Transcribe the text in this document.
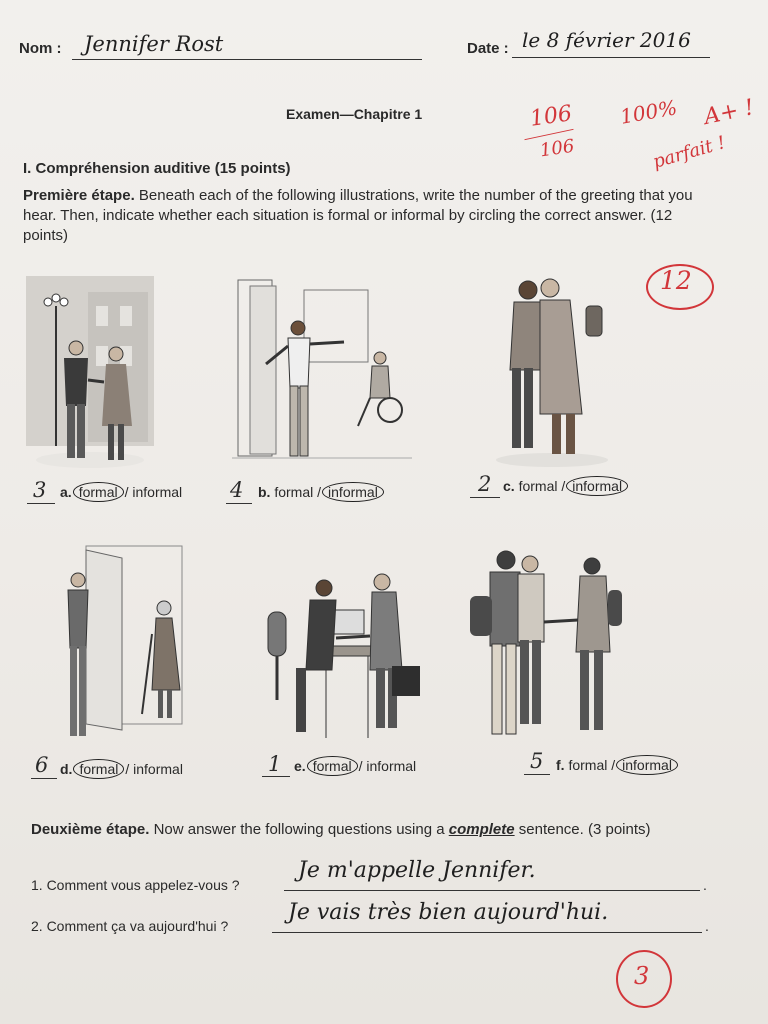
Nom : Jennifer Rost	Date : le 8 février 2016
Examen—Chapitre 1	106
106
100% A+ !
parfait !
I. Compréhension auditive (15 points)
Première étape. Beneath each of the following illustrations, write the number of the greeting that you hear. Then, indicate whether each situation is formal or informal by circling the correct answer. (12 points)
12
3 a. formal / informal 4 b. formal / informal	2 c. formal / informal
6 d. formal / informal	1 e. formal / informal	5 f. formal / informal
Deuxième étape. Now answer the following questions using a complete sentence. (3 points)
1. Comment vous appelez-vous ?	.
Je m'appelle Jennifer.
2. Comment ça va aujourd'hui ?	.
Je vais très bien aujourd'hui.
3
